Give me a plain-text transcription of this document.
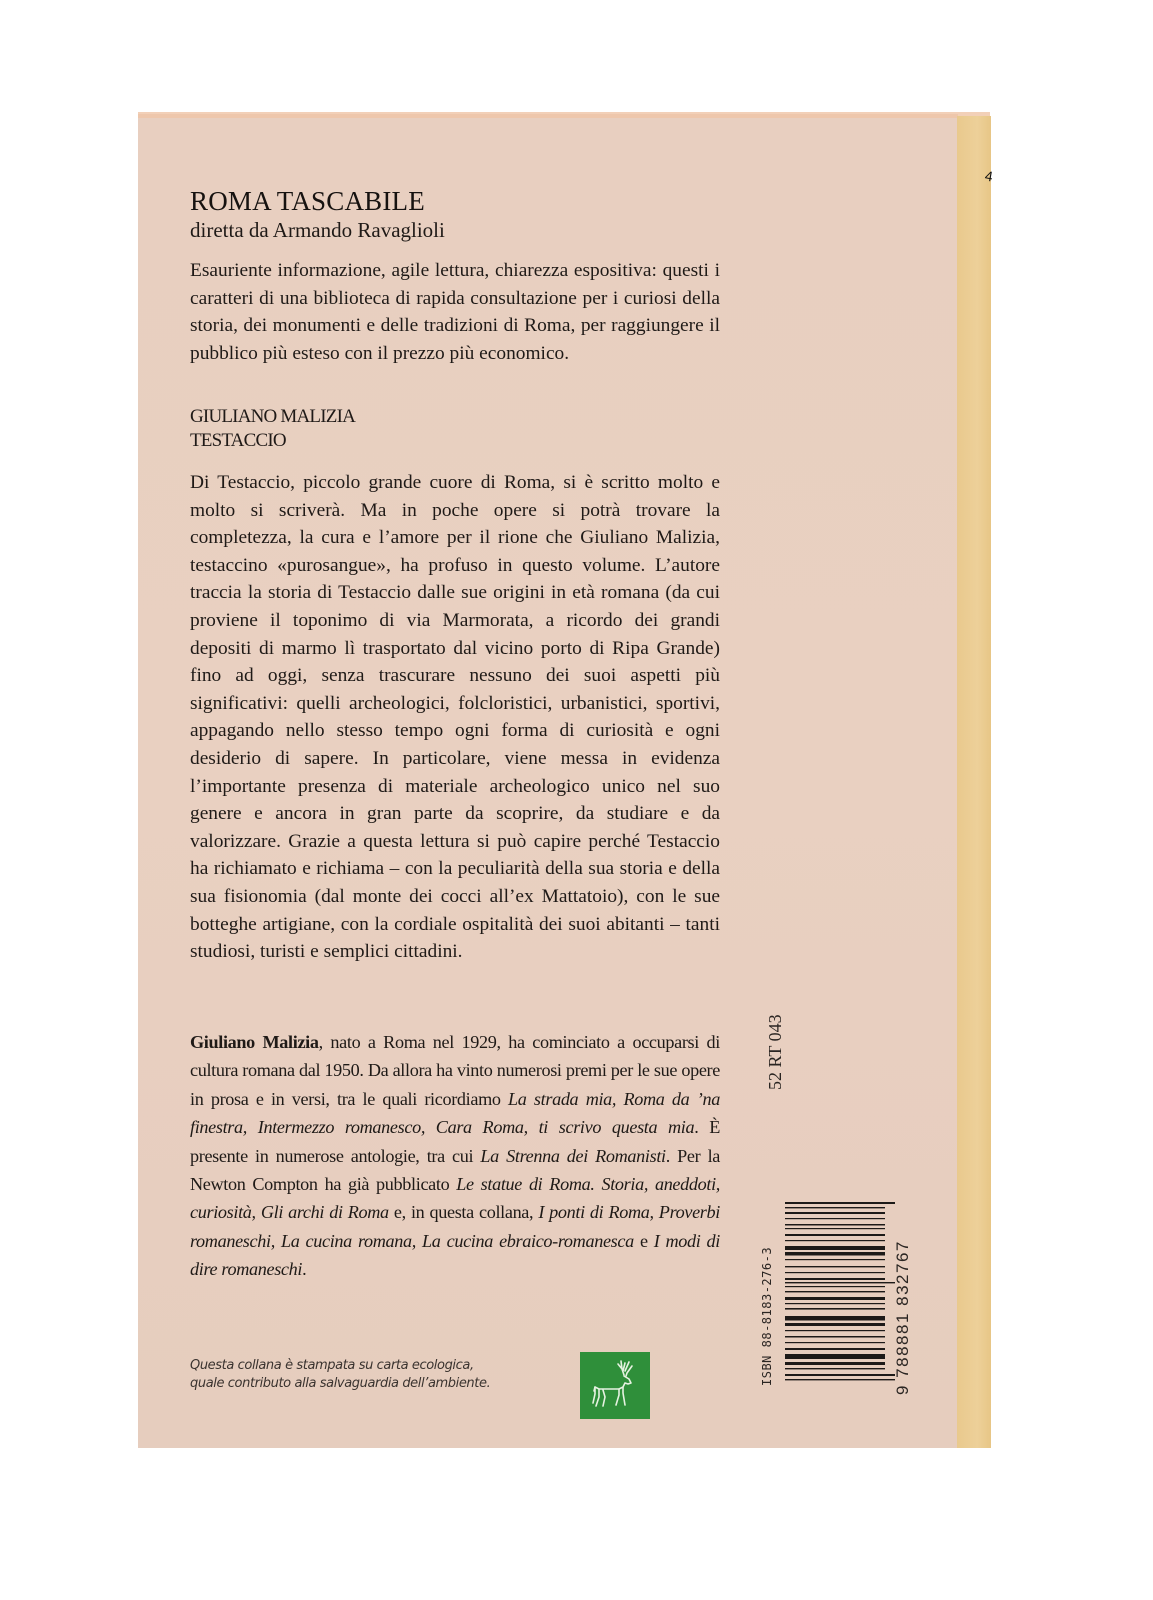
4
ROMA TASCABILE
diretta da Armando Ravaglioli
Esauriente informazione, agile lettura, chiarezza espositiva: questi i caratteri di una biblioteca di rapida consultazione per i curiosi della storia, dei monumenti e delle tradizioni di Roma, per raggiungere il pubblico più esteso con il prezzo più economico.
GIULIANO MALIZIA
TESTACCIO
Di Testaccio, piccolo grande cuore di Roma, si è scritto molto e molto si scriverà. Ma in poche opere si potrà trovare la completezza, la cura e l’amore per il rione che Giuliano Malizia, testaccino «purosangue», ha profuso in questo volume. L’autore traccia la storia di Testaccio dalle sue origini in età romana (da cui proviene il toponimo di via Marmorata, a ricordo dei grandi depositi di marmo lì trasportato dal vicino porto di Ripa Grande) fino ad oggi, senza trascurare nessuno dei suoi aspetti più significativi: quelli archeologici, folcloristici, urbanistici, sportivi, appagando nello stesso tempo ogni forma di curiosità e ogni desiderio di sapere. In particolare, viene messa in evidenza l’importante presenza di materiale archeologico unico nel suo genere e ancora in gran parte da scoprire, da studiare e da valorizzare. Grazie a questa lettura si può capire perché Testaccio ha richiamato e richiama – con la peculiarità della sua storia e della sua fisionomia (dal monte dei cocci all’ex Mattatoio), con le sue botteghe artigiane, con la cordiale ospitalità dei suoi abitanti – tanti studiosi, turisti e semplici cittadini.
Giuliano Malizia, nato a Roma nel 1929, ha cominciato a occuparsi di cultura romana dal 1950. Da allora ha vinto numerosi premi per le sue opere in prosa e in versi, tra le quali ricordiamo La strada mia, Roma da ’na finestra, Intermezzo romanesco, Cara Roma, ti scrivo questa mia. È presente in numerose antologie, tra cui La Strenna dei Romanisti. Per la Newton Compton ha già pubblicato Le statue di Roma. Storia, aneddoti, curiosità, Gli archi di Roma e, in questa collana, I ponti di Roma, Proverbi romaneschi, La cucina romana, La cucina ebraico-romanesca e I modi di dire romaneschi.
Questa collana è stampata su carta ecologica,
quale contributo alla salvaguardia dell’ambiente.
52 RT 043
ISBN 88-8183-276-3	9 788881 832767
